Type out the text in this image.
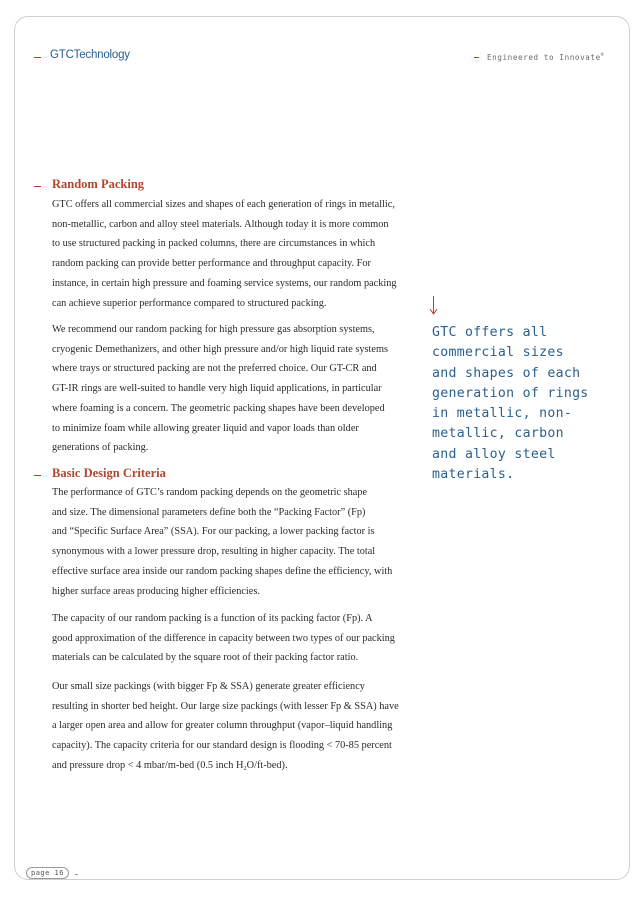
GTCTechnology	Engineered to Innovate®
Random Packing

GTC offers all commercial sizes and shapes of each generation of rings in metallic,
non-metallic, carbon and alloy steel materials. Although today it is more common
to use structured packing in packed columns, there are circumstances in which
random packing can provide better performance and throughput capacity. For
instance, in certain high pressure and foaming service systems, our random packing
can achieve superior performance compared to structured packing.

We recommend our random packing for high pressure gas absorption systems,
cryogenic Demethanizers, and other high pressure and/or high liquid rate systems
where trays or structured packing are not the preferred choice. Our GT-CR and
GT-IR rings are well-suited to handle very high liquid applications, in particular
where foaming is a concern. The geometric packing shapes have been developed
to minimize foam while allowing greater liquid and vapor loads than older
generations of packing.

Basic Design Criteria

The performance of GTC’s random packing depends on the geometric shape
and size. The dimensional parameters define both the “Packing Factor” (Fp)
and “Specific Surface Area” (SSA). For our packing, a lower packing factor is
synonymous with a lower pressure drop, resulting in higher capacity. The total
effective surface area inside our random packing shapes define the efficiency, with
higher surface areas producing higher efficiencies.

The capacity of our random packing is a function of its packing factor (Fp). A
good approximation of the difference in capacity between two types of our packing
materials can be calculated by the square root of their packing factor ratio.

Our small size packings (with bigger Fp & SSA) generate greater efficiency
resulting in shorter bed height. Our large size packings (with lesser Fp & SSA) have
a larger open area and allow for greater column throughput (vapor–liquid handling
capacity). The capacity criteria for our standard design is flooding < 70-85 percent
and pressure drop < 4 mbar/m-bed (0.5 inch $H_2O/ft-bed$).

GTC offers all
commercial sizes
and shapes of each
generation of rings
in metallic, non-
metallic, carbon
and alloy steel
materials.
page 16
